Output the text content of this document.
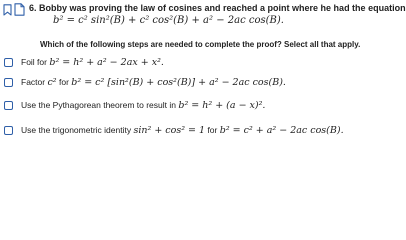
6. Bobby was proving the law of cosines and reached a point where he had the equation
b² = c² sin²(B) + c² cos²(B) + a² − 2ac cos(B).
Which of the following steps are needed to complete the proof? Select all that apply.
Foil for b² = h² + a² − 2ax + x².
Factor c² for b² = c² [sin²(B) + cos²(B)] + a² − 2ac cos(B).
Use the Pythagorean theorem to result in b² = h² + (a − x)².
Use the trigonometric identity sin² + cos² = 1 for b² = c² + a² − 2ac cos(B).
